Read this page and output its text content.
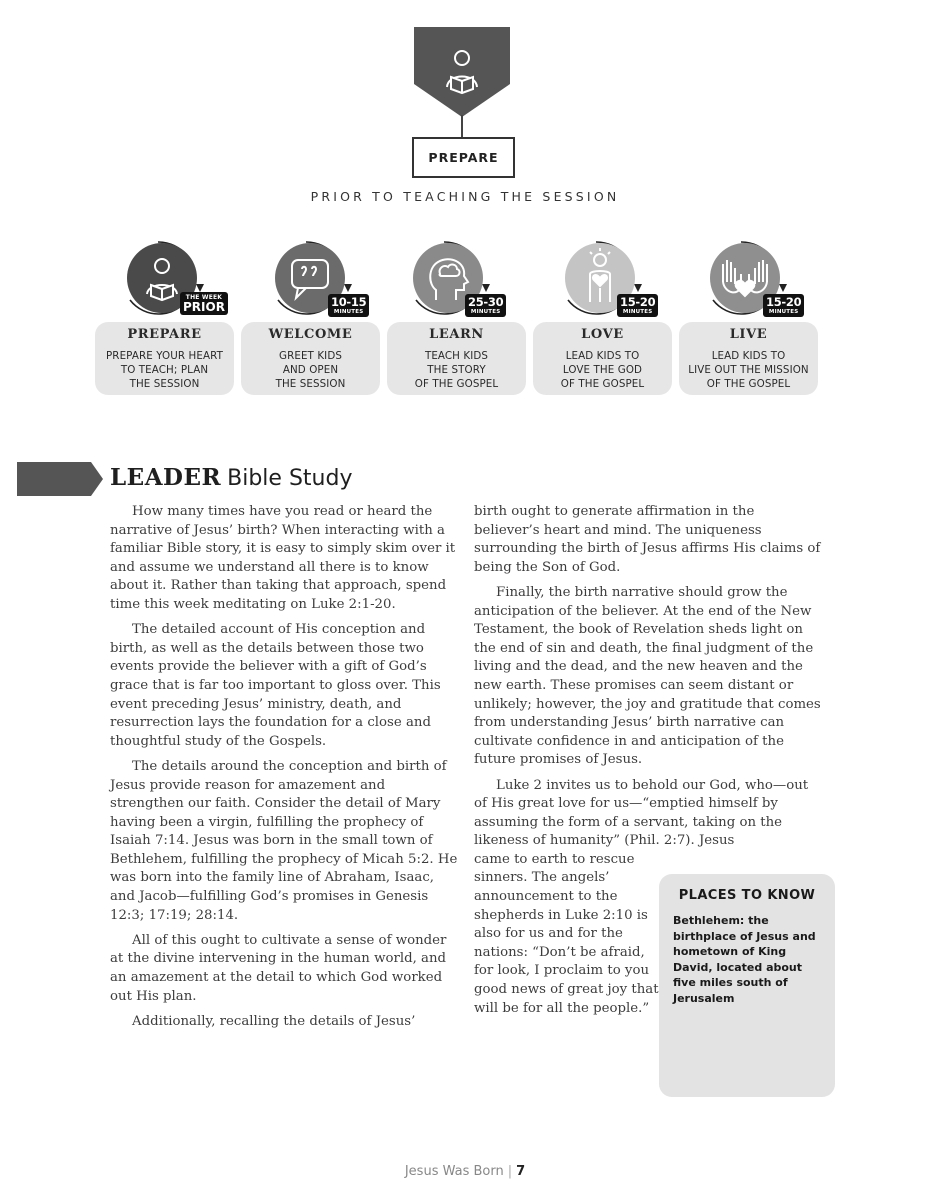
PREPARE
PRIOR TO TEACHING THE SESSION
THE WEEK
PRIOR	10-15
MINUTES
25-30
MINUTES
15-20
MINUTES
15-20
MINUTES
PREPARE
PREPARE YOUR HEART
TO TEACH; PLAN
THE SESSION
WELCOME
GREET KIDS
AND OPEN
THE SESSION
LEARN
TEACH KIDS
THE STORY
OF THE GOSPEL
LOVE
LEAD KIDS TO
LOVE THE GOD
OF THE GOSPEL
LIVE
LEAD KIDS TO
LIVE OUT THE MISSION
OF THE GOSPEL
LEADER Bible Study

How many times have you read or heard the narrative of Jesus’ birth? When interacting with a familiar Bible story, it is easy to simply skim over it and assume we understand all there is to know about it. Rather than taking that approach, spend time this week meditating on Luke 2:1-20.

The detailed account of His conception and birth, as well as the details between those two events provide the believer with a gift of God’s grace that is far too important to gloss over. This event preceding Jesus’ ministry, death, and resurrection lays the foundation for a close and thoughtful study of the Gospels.

The details around the conception and birth of Jesus provide reason for amazement and strengthen our faith. Consider the detail of Mary having been a virgin, fulfilling the prophecy of Isaiah 7:14. Jesus was born in the small town of Bethlehem, fulfilling the prophecy of Micah 5:2. He was born into the family line of Abraham, Isaac, and Jacob—fulfilling God’s promises in Genesis 12:3; 17:19; 28:14.

All of this ought to cultivate a sense of wonder at the divine intervening in the human world, and an amazement at the detail to which God worked out His plan.

Additionally, recalling the details of Jesus’

birth ought to generate affirmation in the believer’s heart and mind. The uniqueness surrounding the birth of Jesus affirms His claims of being the Son of God.

Finally, the birth narrative should grow the anticipation of the believer. At the end of the New Testament, the book of Revelation sheds light on the end of sin and death, the final judgment of the living and the dead, and the new heaven and the new earth. These promises can seem distant or unlikely; however, the joy and gratitude that comes from understanding Jesus’ birth narrative can cultivate confidence in and anticipation of the future promises of Jesus.

Luke 2 invites us to behold our God, who—out of His great love for us—“emptied himself by assuming the form of a servant, taking on the likeness of humanity” (Phil. 2:7). Jesus

came to earth to rescue sinners. The angels’ announcement to the shepherds in Luke 2:10 is also for us and for the nations: “Don’t be afraid, for look, I proclaim to you good news of great joy that will be for all the people.”

PLACES TO KNOW
Bethlehem: the birthplace of Jesus and hometown of King David, located about five miles south of Jerusalem
Jesus Was Born | 7
